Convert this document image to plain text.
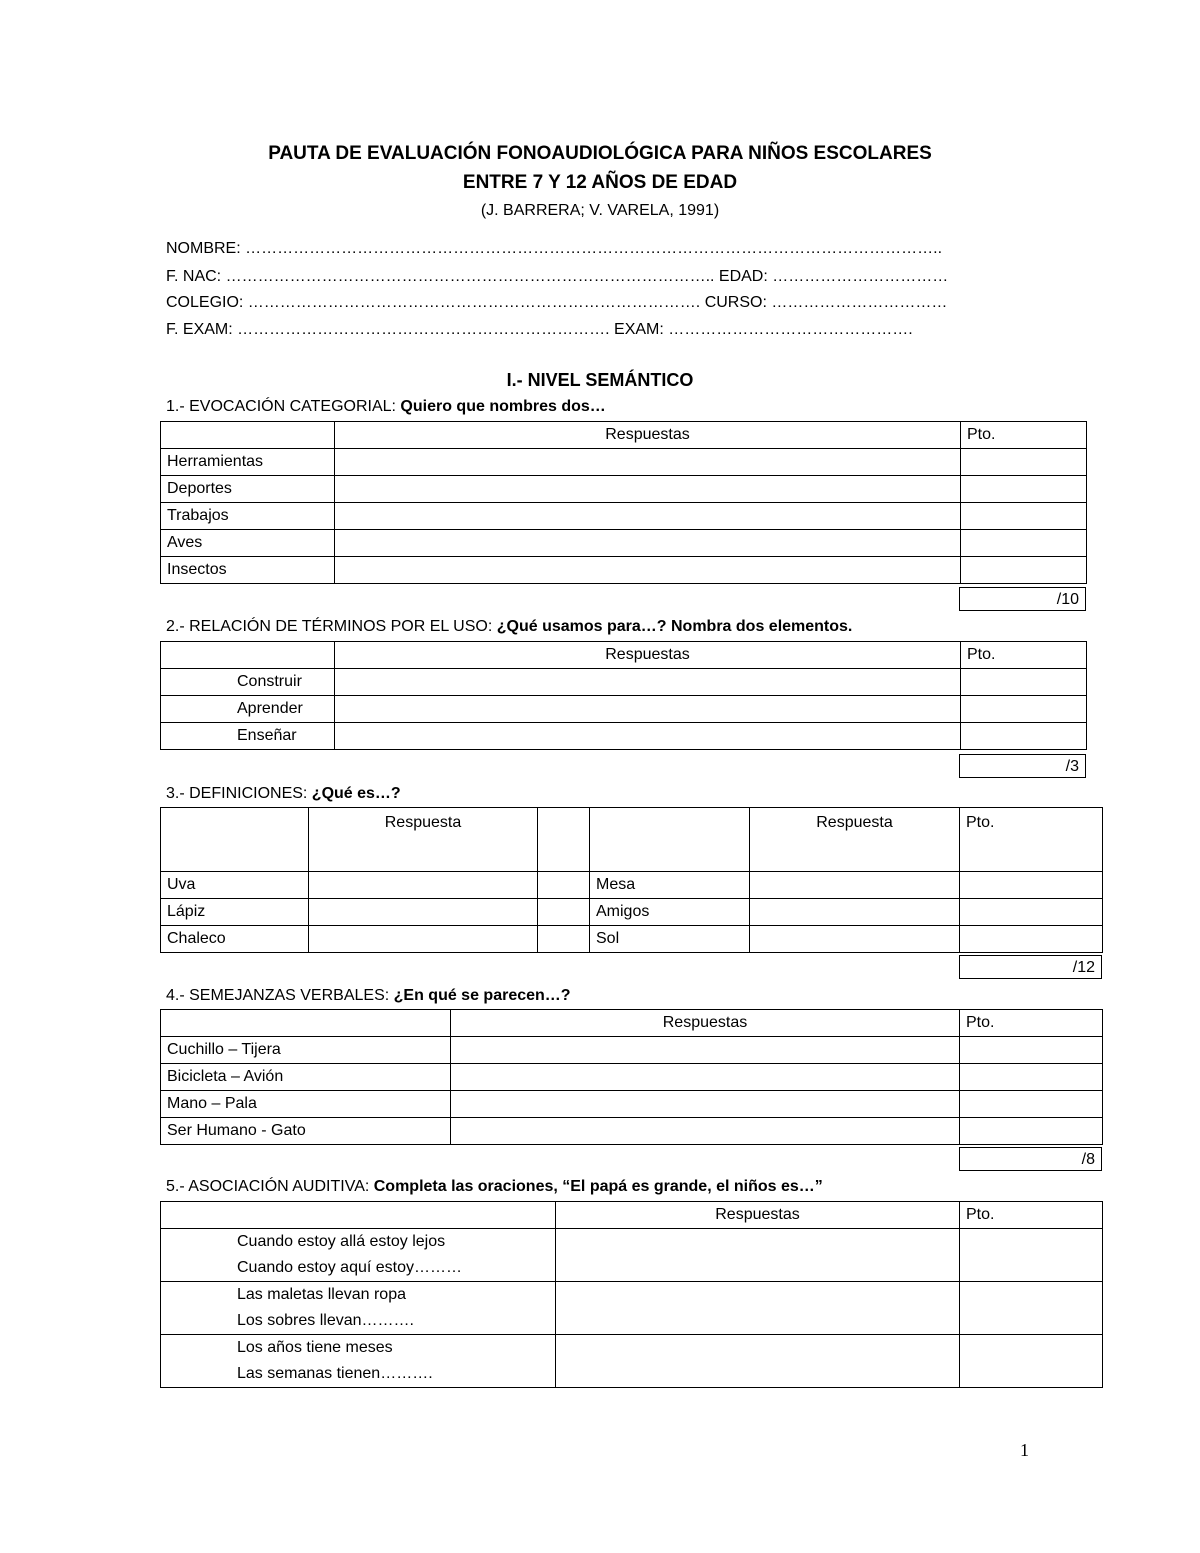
PAUTA DE EVALUACIÓN FONOAUDIOLÓGICA PARA NIÑOS ESCOLARES
ENTRE 7 Y 12 AÑOS DE EDAD
(J. BARRERA; V. VARELA, 1991)
NOMBRE: …………………………………………………………………………………………………………………..
F. NAC: ……………………………………………………………………………….. EDAD: ……………………………
COLEGIO: …………………………………………………………………………. CURSO: ……………………………
F. EXAM: ……………………………………………………………. EXAM: ……………………………………….
I.- NIVEL SEMÁNTICO
1.- EVOCACIÓN CATEGORIAL: Quiero que nombres dos…
	Respuestas	Pto.
Herramientas		
Deportes		
Trabajos		
Aves		
Insectos		
/10
2.- RELACIÓN DE TÉRMINOS POR EL USO: ¿Qué usamos para…? Nombra dos elementos.
	Respuestas	Pto.
Construir		
Aprender		
Enseñar		
/3
3.- DEFINICIONES: ¿Qué es…?
	Respuesta			Respuesta	Pto.
Uva			Mesa		
Lápiz			Amigos		
Chaleco			Sol		
/12
4.- SEMEJANZAS VERBALES: ¿En qué se parecen…?
	Respuestas	Pto.
Cuchillo – Tijera		
Bicicleta – Avión		
Mano – Pala		
Ser Humano - Gato		
/8
5.- ASOCIACIÓN AUDITIVA: Completa las oraciones, “El papá es grande, el niños es…”
	Respuestas	Pto.

Cuando estoy allá estoy lejos
Cuando estoy aquí estoy………		

Las maletas llevan ropa
Los sobres llevan……….		

Los años tiene meses
Las semanas tienen……….		

1
